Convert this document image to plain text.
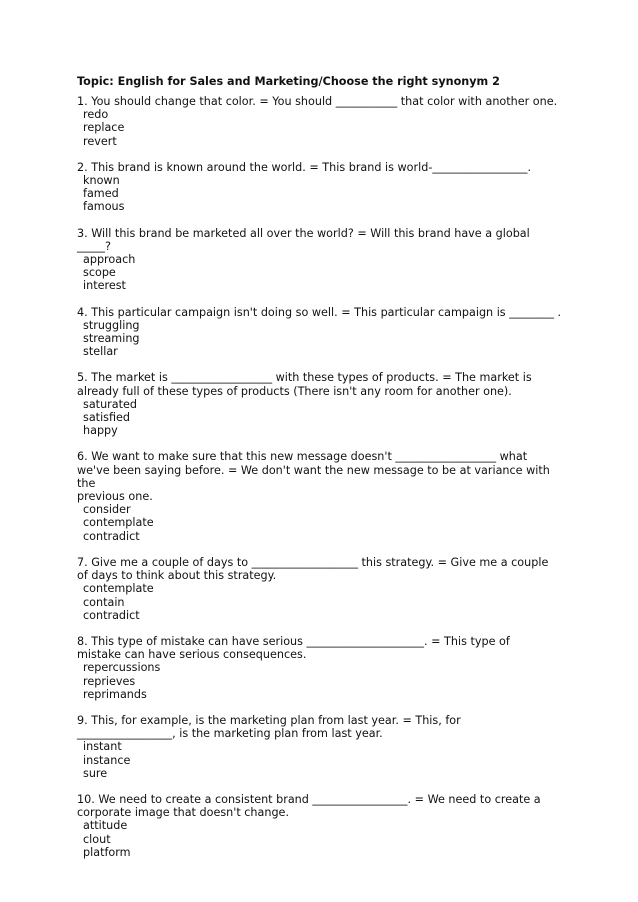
Topic: English for Sales and Marketing/Choose the right synonym 2

1. You should change that color. = You should ___________ that color with another one.

redo
replace
revert

2. This brand is known around the world. = This brand is world-_________________.

known
famed
famous

3. Will this brand be marketed all over the world? = Will this brand have a global _____?

approach
scope
interest

4. This particular campaign isn't doing so well. = This particular campaign is ________ .

struggling
streaming
stellar

5. The market is __________________ with these types of products. = The market is
already full of these types of products (There isn't any room for another one).

saturated
satisfied
happy

6. We want to make sure that this new message doesn't __________________ what
we've been saying before. = We don't want the new message to be at variance with the
previous one.

consider
contemplate
contradict

7. Give me a couple of days to ___________________ this strategy. = Give me a couple
of days to think about this strategy.

contemplate
contain
contradict

8. This type of mistake can have serious _____________________. = This type of
mistake can have serious consequences.

repercussions
reprieves
reprimands

9. This, for example, is the marketing plan from last year. = This, for
_________________, is the marketing plan from last year.

instant
instance
sure

10. We need to create a consistent brand _________________. = We need to create a
corporate image that doesn't change.

attitude
clout
platform
